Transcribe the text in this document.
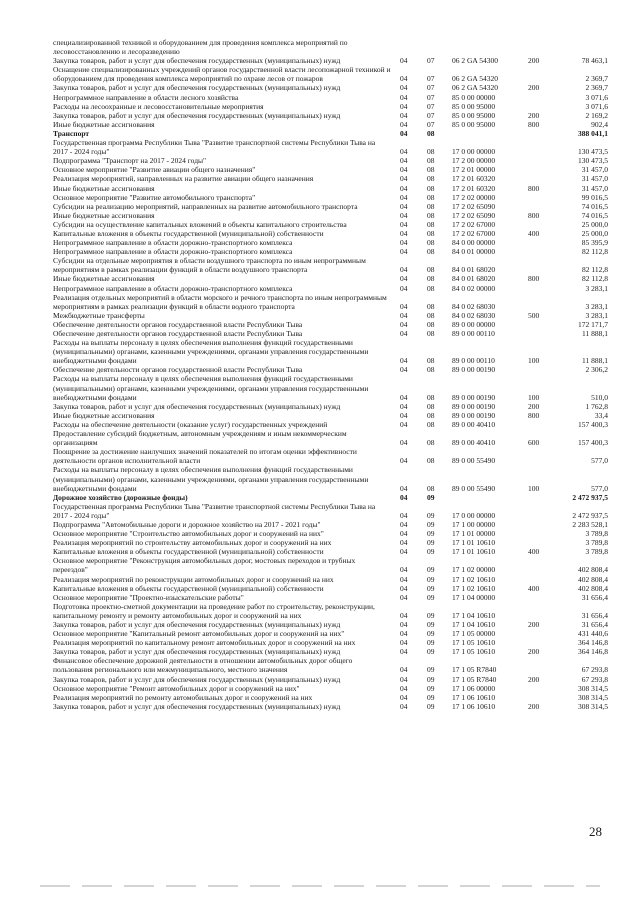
специализированной техникой и оборудованием для проведения комплекса мероприятий по лесовосстановлению и лесоразведению
Закупка товаров, работ и услуг для обеспечения государственных (муниципальных) нужд	04	07 06 2 GA 54300	200	78 463,1
Оснащение специализированных учреждений органов государственной власти лесопожарной техникой и оборудованием для проведения комплекса мероприятий по охране лесов от пожаров	04	07 06 2 GA 54320	2 369,7
Закупка товаров, работ и услуг для обеспечения государственных (муниципальных) нужд	04	07 06 2 GA 54320	200	2 369,7
Непрограммное направление в области лесного хозяйства	04	07 85 0 00 00000	3 071,6
Расходы на лесоохранные и лесовосстановительные мероприятия	04	07 85 0 00 95000	3 071,6
Закупка товаров, работ и услуг для обеспечения государственных (муниципальных) нужд	04	07 85 0 00 95000	200	2 169,2
Иные бюджетные ассигнования	04	07 85 0 00 95000	800	902,4
Транспорт	04	08	388 041,1
Государственная программа Республики Тыва "Развитие транспортной системы Республики Тыва на 2017 - 2024 годы"	04	08 17 0 00 00000	130 473,5
Подпрограмма "Транспорт на 2017 - 2024 годы"	04	08 17 2 00 00000	130 473,5
Основное мероприятие "Развитие авиации общего назначения"	04	08 17 2 01 00000	31 457,0
Реализация мероприятий, направленных на развитие авиации общего назначения	04	08 17 2 01 60320	31 457,0
Иные бюджетные ассигнования	04	08 17 2 01 60320	800	31 457,0
Основное мероприятие "Развитие автомобильного транспорта"	04	08 17 2 02 00000	99 016,5
Субсидии на реализацию мероприятий, направленных на развитие автомобильного транспорта	04	08 17 2 02 65090	74 016,5
Иные бюджетные ассигнования	04	08 17 2 02 65090	800	74 016,5
Субсидии на осуществление капитальных вложений в объекты капитального строительства	04	08 17 2 02 67000	25 000,0
Капитальные вложения в объекты государственной (муниципальной) собственности	04	08 17 2 02 67000	400	25 000,0
Непрограммное направление в области дорожно-транспортного комплекса	04	08 84 0 00 00000	85 395,9
Непрограммное направление в области дорожно-транспортного комплекса	04	08 84 0 01 00000	82 112,8
Субсидии на отдельные мероприятия в области воздушного транспорта по иным непрограммным мероприятиям в рамках реализации функций в области воздушного транспорта	04	08 84 0 01 68020	82 112,8
Иные бюджетные ассигнования	04	08 84 0 01 68020	800	82 112,8
Непрограммное направление в области дорожно-транспортного комплекса	04	08 84 0 02 00000	3 283,1
Реализация отдельных мероприятий в области морского и речного транспорта по иным непрограммным мероприятиям в рамках реализации функций в области водного транспорта	04	08 84 0 02 68030	3 283,1
Межбюджетные трансферты	04	08 84 0 02 68030	500	3 283,1
Обеспечение деятельности органов государственной власти Республики Тыва	04	08 89 0 00 00000	172 171,7
Обеспечение деятельности органов государственной власти Республики Тыва	04	08 89 0 00 00110	11 888,1
Расходы на выплаты персоналу в целях обеспечения выполнения функций государственными (муниципальными) органами, казенными учреждениями, органами управления государственными внебюджетными фондами	04	08 89 0 00 00110	100	11 888,1
Обеспечение деятельности органов государственной власти Республики Тыва	04	08 89 0 00 00190	2 306,2
Расходы на выплаты персоналу в целях обеспечения выполнения функций государственными (муниципальными) органами, казенными учреждениями, органами управления государственными внебюджетными фондами	04	08 89 0 00 00190	100	510,0
Закупка товаров, работ и услуг для обеспечения государственных (муниципальных) нужд	04	08 89 0 00 00190	200	1 762,8
Иные бюджетные ассигнования	04	08 89 0 00 00190	800	33,4
Расходы на обеспечение деятельности (оказание услуг) государственных учреждений	04	08 89 0 00 40410	157 400,3
Предоставление субсидий бюджетным, автономным учреждениям и иным некоммерческим организациям	04	08 89 0 00 40410	600	157 400,3
Поощрение за достижение наилучших значений показателей по итогам оценки эффективности деятельности органов исполнительной власти	04	08 89 0 00 55490	577,0
Расходы на выплаты персоналу в целях обеспечения выполнения функций государственными (муниципальными) органами, казенными учреждениями, органами управления государственными внебюджетными фондами	04	08 89 0 00 55490	100	577,0
Дорожное хозяйство (дорожные фонды)	04	09	2 472 937,5
Государственная программа Республики Тыва "Развитие транспортной системы Республики Тыва на 2017 - 2024 годы"	04	09 17 0 00 00000	2 472 937,5
Подпрограмма "Автомобильные дороги и дорожное хозяйство на 2017 - 2021 годы"	04	09 17 1 00 00000	2 283 528,1
Основное мероприятие "Строительство автомобильных дорог и сооружений на них"	04	09 17 1 01 00000	3 789,8
Реализация мероприятий по строительству автомобильных дорог и сооружений на них	04	09 17 1 01 10610	3 789,8
Капитальные вложения в объекты государственной (муниципальной) собственности	04	09 17 1 01 10610	400	3 789,8
Основное мероприятие "Реконструкция автомобильных дорог, мостовых переходов и трубных переездов"	04	09 17 1 02 00000	402 808,4
Реализация мероприятий по реконструкции автомобильных дорог и сооружений на них	04	09 17 1 02 10610	402 808,4
Капитальные вложения в объекты государственной (муниципальной) собственности	04	09 17 1 02 10610	400	402 808,4
Основное мероприятие "Проектно-изыскательские работы"	04	09 17 1 04 00000	31 656,4
Подготовка проектно-сметной документации на проведение работ по строительству, реконструкции, капитальному ремонту и ремонту автомобильных дорог и сооружений на них	04	09 17 1 04 10610	31 656,4
Закупка товаров, работ и услуг для обеспечения государственных (муниципальных) нужд	04	09 17 1 04 10610	200	31 656,4
Основное мероприятие "Капитальный ремонт автомобильных дорог и сооружений на них"	04	09 17 1 05 00000	431 440,6
Реализация мероприятий по капитальному ремонт автомобильных дорог и сооружений на них	04	09 17 1 05 10610	364 146,8
Закупка товаров, работ и услуг для обеспечения государственных (муниципальных) нужд	04	09 17 1 05 10610	200	364 146,8
Финансовое обеспечение дорожной деятельности в отношении автомобильных дорог общего пользования регионального или межмуниципального, местного значения	04	09 17 1 05 R7840	67 293,8
Закупка товаров, работ и услуг для обеспечения государственных (муниципальных) нужд	04	09 17 1 05 R7840	200	67 293,8
Основное мероприятие "Ремонт автомобильных дорог и сооружений на них"	04	09 17 1 06 00000	308 314,5
Реализация мероприятий по ремонту автомобильных дорог и сооружений на них	04	09 17 1 06 10610	308 314,5
Закупка товаров, работ и услуг для обеспечения государственных (муниципальных) нужд	04	09 17 1 06 10610	200	308 314,5
28
